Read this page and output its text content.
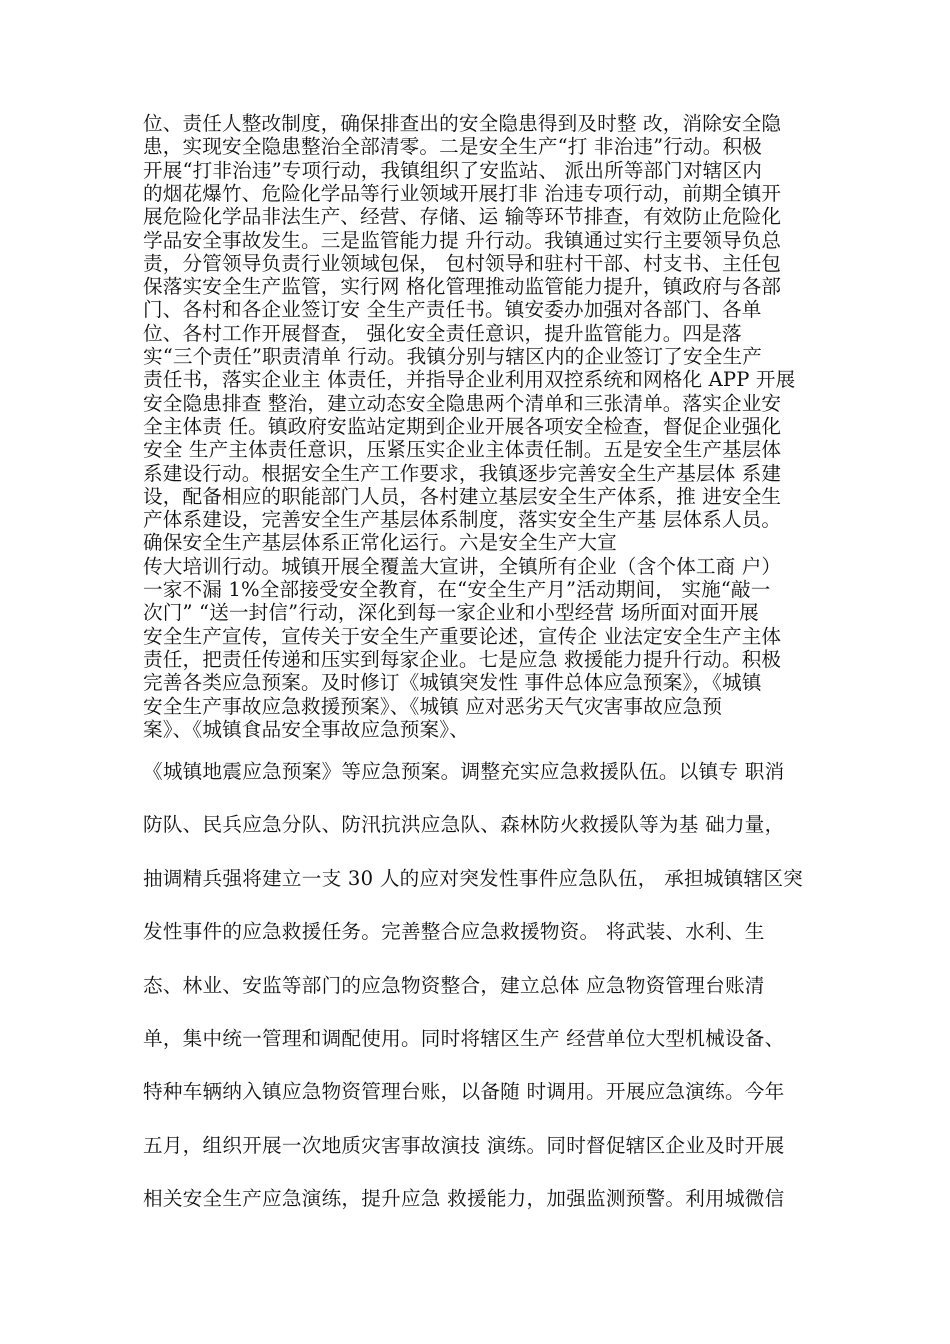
位、责任人整改制度，确保排查出的安全隐患得到及时整 改，消除安全隐
患，实现安全隐患整治全部清零。二是安全生产“打 非治违”行动。积极
开展“打非治违”专项行动，我镇组织了安监站、 派出所等部门对辖区内
的烟花爆竹、危险化学品等行业领域开展打非 治违专项行动，前期全镇开
展危险化学品非法生产、经营、存储、运 输等环节排查，有效防止危险化
学品安全事故发生。三是监管能力提 升行动。我镇通过实行主要领导负总
责，分管领导负责行业领域包保， 包村领导和驻村干部、村支书、主任包
保落实安全生产监管，实行网 格化管理推动监管能力提升，镇政府与各部
门、各村和各企业签订安 全生产责任书。镇安委办加强对各部门、各单
位、各村工作开展督查， 强化安全责任意识，提升监管能力。四是落
实“三个责任”职责清单 行动。我镇分别与辖区内的企业签订了安全生产
责任书，落实企业主 体责任，并指导企业利用双控系统和网格化 APP 开展
安全隐患排查 整治，建立动态安全隐患两个清单和三张清单。落实企业安
全主体责 任。镇政府安监站定期到企业开展各项安全检查，督促企业强化
安全 生产主体责任意识，压紧压实企业主体责任制。五是安全生产基层体
系建设行动。根据安全生产工作要求，我镇逐步完善安全生产基层体 系建
设，配备相应的职能部门人员，各村建立基层安全生产体系，推 进安全生
产体系建设，完善安全生产基层体系制度，落实安全生产基 层体系人员。
确保安全生产基层体系正常化运行。六是安全生产大宣
传大培训行动。城镇开展全覆盖大宣讲，全镇所有企业（含个体工商 户）
一家不漏 1%全部接受安全教育，在“安全生产月”活动期间， 实施“敲一
次门” “送一封信”行动，深化到每一家企业和小型经营 场所面对面开展
安全生产宣传，宣传关于安全生产重要论述，宣传企 业法定安全生产主体
责任，把责任传递和压实到每家企业。七是应急 救援能力提升行动。积极
完善各类应急预案。及时修订《城镇突发性 事件总体应急预案》，《城镇
安全生产事故应急救援预案》、《城镇 应对恶劣天气灾害事故应急预
案》、《城镇食品安全事故应急预案》、
《城镇地震应急预案》等应急预案。调整充实应急救援队伍。以镇专 职消
防队、民兵应急分队、防汛抗洪应急队、森林防火救援队等为基 础力量，
抽调精兵强将建立一支 30 人的应对突发性事件应急队伍， 承担城镇辖区突
发性事件的应急救援任务。完善整合应急救援物资。 将武装、水利、生
态、林业、安监等部门的应急物资整合，建立总体 应急物资管理台账清
单，集中统一管理和调配使用。同时将辖区生产 经营单位大型机械设备、
特种车辆纳入镇应急物资管理台账，以备随 时调用。开展应急演练。今年
五月，组织开展一次地质灾害事故演技 演练。同时督促辖区企业及时开展
相关安全生产应急演练，提升应急 救援能力，加强监测预警。利用城微信
